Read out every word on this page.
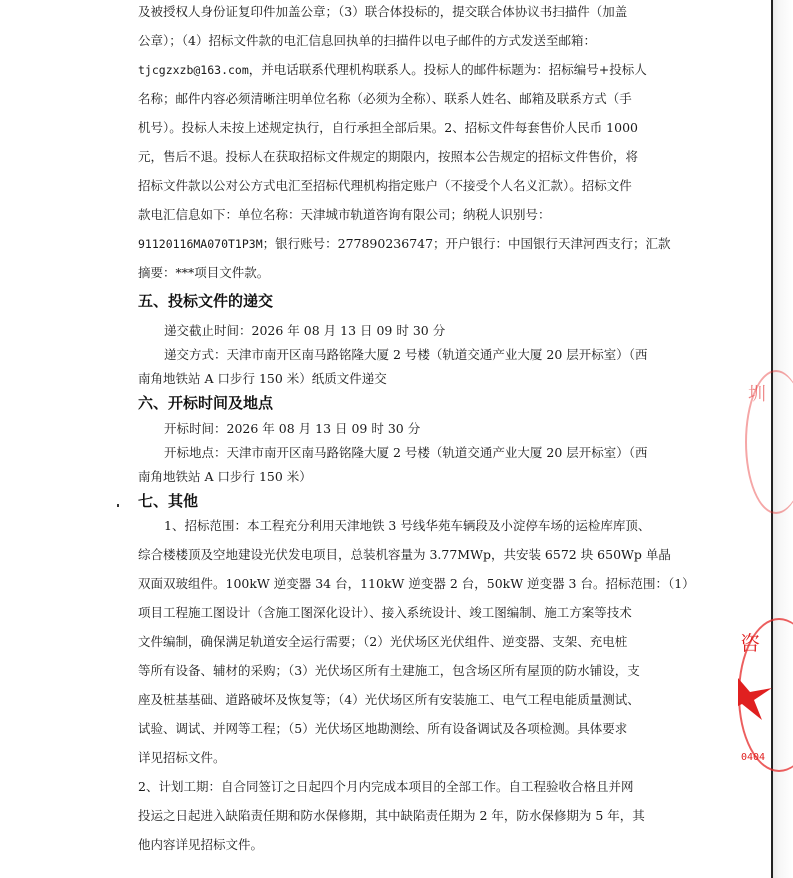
及被授权人身份证复印件加盖公章；（3）联合体投标的，提交联合体协议书扫描件（加盖
公章）；（4）招标文件款的电汇信息回执单的扫描件以电子邮件的方式发送至邮箱：
tjcgzxzb@163.com，并电话联系代理机构联系人。投标人的邮件标题为：招标编号+投标人
名称；邮件内容必须清晰注明单位名称（必须为全称）、联系人姓名、邮箱及联系方式（手
机号）。投标人未按上述规定执行，自行承担全部后果。2、招标文件每套售价人民币 1000
元，售后不退。投标人在获取招标文件规定的期限内，按照本公告规定的招标文件售价，将
招标文件款以公对公方式电汇至招标代理机构指定账户（不接受个人名义汇款）。招标文件
款电汇信息如下：单位名称：天津城市轨道咨询有限公司；纳税人识别号：
91120116MA070T1P3M；银行账号：277890236747；开户银行：中国银行天津河西支行；汇款
摘要：***项目文件款。
五、投标文件的递交
递交截止时间：2026 年 08 月 13 日 09 时 30 分
递交方式：天津市南开区南马路铭隆大厦 2 号楼（轨道交通产业大厦 20 层开标室）（西
南角地铁站 A 口步行 150 米）纸质文件递交
六、开标时间及地点
开标时间：2026 年 08 月 13 日 09 时 30 分
开标地点：天津市南开区南马路铭隆大厦 2 号楼（轨道交通产业大厦 20 层开标室）（西
南角地铁站 A 口步行 150 米）
七、其他
1、招标范围：本工程充分利用天津地铁 3 号线华苑车辆段及小淀停车场的运检库库顶、
综合楼楼顶及空地建设光伏发电项目，总装机容量为 3.77MWp，共安装 6572 块 650Wp 单晶
双面双玻组件。100kW 逆变器 34 台，110kW 逆变器 2 台，50kW 逆变器 3 台。招标范围：（1）
项目工程施工图设计（含施工图深化设计）、接入系统设计、竣工图编制、施工方案等技术
文件编制，确保满足轨道安全运行需要；（2）光伏场区光伏组件、逆变器、支架、充电桩
等所有设备、辅材的采购；（3）光伏场区所有土建施工，包含场区所有屋顶的防水铺设，支
座及桩基基础、道路破坏及恢复等；（4）光伏场区所有安装施工、电气工程电能质量测试、
试验、调试、并网等工程；（5）光伏场区地勘测绘、所有设备调试及各项检测。具体要求
详见招标文件。
2、计划工期：自合同签订之日起四个月内完成本项目的全部工作。自工程验收合格且并网
投运之日起进入缺陷责任期和防水保修期，其中缺陷责任期为 2 年，防水保修期为 5 年，其
他内容详见招标文件。
圳
咨
0404
